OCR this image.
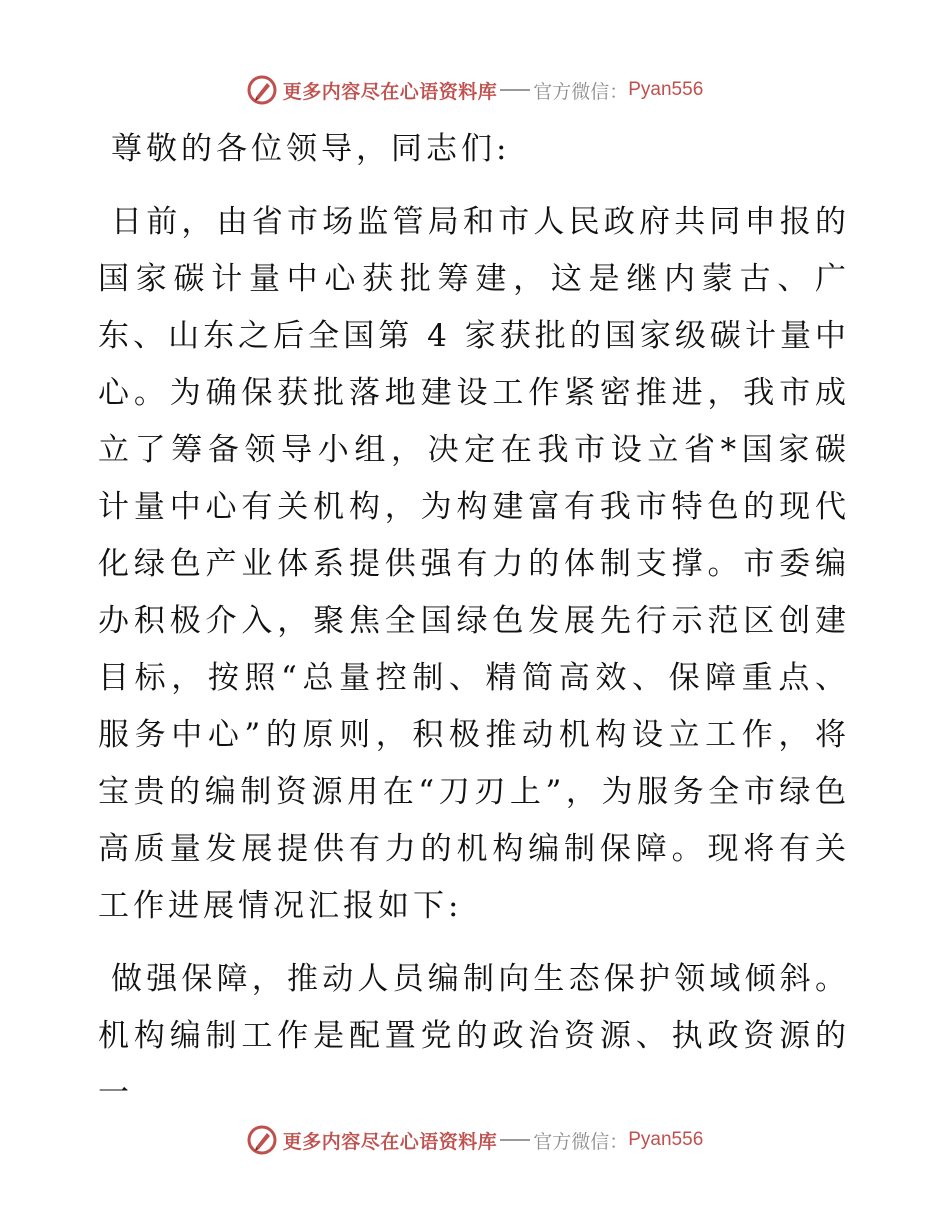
更多内容尽在心语资料库 官方微信： Pyan556

尊敬的各位领导，同志们:

日前，由省市场监管局和市人民政府共同申报的国家碳计量中心获批筹建，这是继内蒙古、广东、山东之后全国第 4 家获批的国家级碳计量中心。为确保获批落地建设工作紧密推进，我市成立了筹备领导小组，决定在我市设立省*国家碳计量中心有关机构，为构建富有我市特色的现代化绿色产业体系提供强有力的体制支撑。市委编办积极介入，聚焦全国绿色发展先行示范区创建目标，按照“总量控制、精简高效、保障重点、服务中心”的原则，积极推动机构设立工作，将宝贵的编制资源用在“刀刃上”，为服务全市绿色高质量发展提供有力的机构编制保障。现将有关工作进展情况汇报如下:

做强保障，推动人员编制向生态保护领域倾斜。机构编制工作是配置党的政治资源、执政资源的一

更多内容尽在心语资料库 官方微信： Pyan556
